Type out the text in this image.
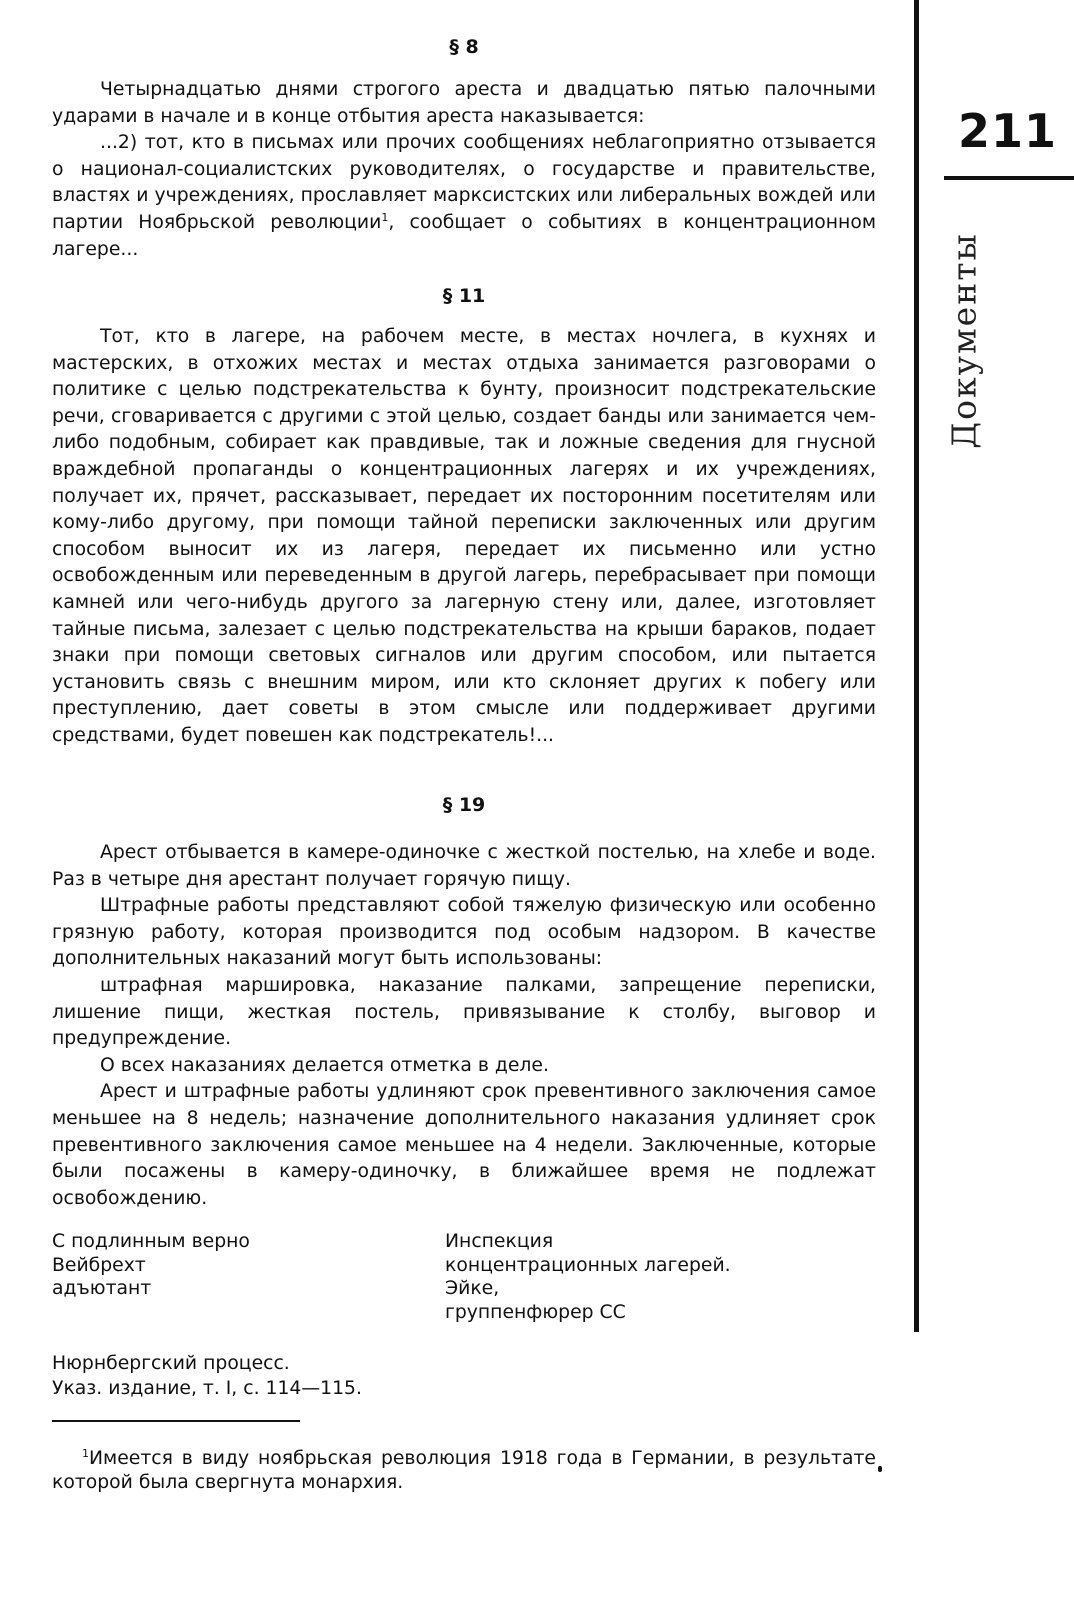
211
Документы
§ 8

Четырнадцатью днями строгого ареста и двадцатью пятью палочными ударами в начале и в конце отбытия ареста наказывается:

...2) тот, кто в письмах или прочих сообщениях неблагоприятно отзывается о национал-социалистских руководителях, о государстве и правительстве, властях и учреждениях, прославляет марксистских или либеральных вождей или партии Ноябрьской революции$^1$, сообщает о событиях в концентрационном лагере...

§ 11

Тот, кто в лагере, на рабочем месте, в местах ночлега, в кухнях и мастерских, в отхожих местах и местах отдыха занимается разговорами о политике с целью подстрекательства к бунту, произносит подстрекательские речи, сговаривается с другими с этой целью, создает банды или занимается чем-либо подобным, собирает как правдивые, так и ложные сведения для гнусной враждебной пропаганды о концентрационных лагерях и их учреждениях, получает их, прячет, рассказывает, передает их посторонним посетителям или кому-либо другому, при помощи тайной переписки заключенных или другим способом выносит их из лагеря, передает их письменно или устно освобожденным или переведенным в другой лагерь, перебрасывает при помощи камней или чего-нибудь другого за лагерную стену или, далее, изготовляет тайные письма, залезает с целью подстрекательства на крыши бараков, подает знаки при помощи световых сигналов или другим способом, или пытается установить связь с внешним миром, или кто склоняет других к побегу или преступлению, дает советы в этом смысле или поддерживает другими средствами, будет повешен как подстрекатель!...

§ 19

Арест отбывается в камере-одиночке с жесткой постелью, на хлебе и воде. Раз в четыре дня арестант получает горячую пищу.

Штрафные работы представляют собой тяжелую физическую или особенно грязную работу, которая производится под особым надзором. В качестве дополнительных наказаний могут быть использованы:

штрафная маршировка, наказание палками, запрещение переписки, лишение пищи, жесткая постель, привязывание к столбу, выговор и предупреждение.

О всех наказаниях делается отметка в деле.

Арест и штрафные работы удлиняют срок превентивного заключения самое меньшее на 8 недель; назначение дополнительного наказания удлиняет срок превентивного заключения самое меньшее на 4 недели. Заключенные, которые были посажены в камеру-одиночку, в ближайшее время не подлежат освобождению.

С подлинным верно
Вейбрехт
адъютант
Инспекция
концентрационных лагерей.
Эйке,
группенфюрер СС
Нюрнбергский процесс.
Указ. издание, т. I, с. 114—115.

$^1$Имеется в виду ноябрьская революция 1918 года в Германии, в результате которой была свергнута монархия.
